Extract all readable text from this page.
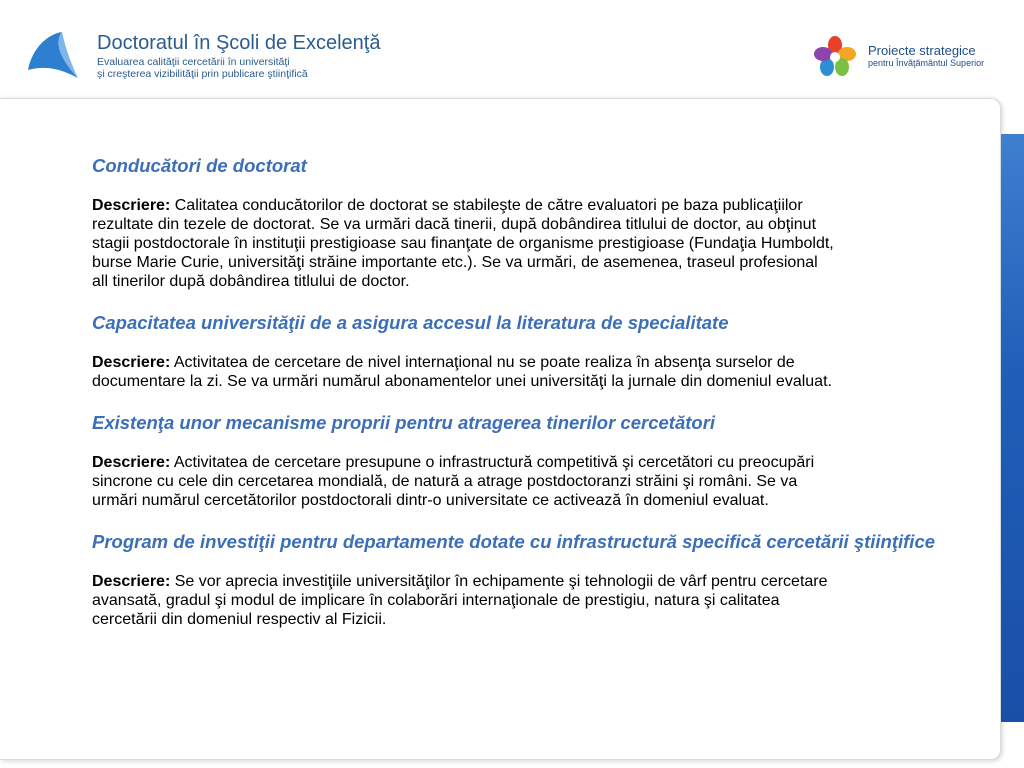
Doctoratul în Şcoli de Excelenţă
Evaluarea calităţii cercetării în universităţi
şi creşterea vizibilităţii prin publicare ştiinţifică
Proiecte strategice
pentru Învăţământul Superior
Conducători de doctorat

Descriere: Calitatea conducătorilor de doctorat se stabileşte de către evaluatori pe baza publicaţiilor
rezultate din tezele de doctorat. Se va urmări dacă tinerii, după dobândirea titlului de doctor, au obţinut
stagii postdoctorale în instituţii prestigioase sau finanţate de organisme prestigioase (Fundaţia Humboldt,
burse Marie Curie, universităţi străine importante etc.). Se va urmări, de asemenea, traseul profesional
all tinerilor după dobândirea titlului de doctor.

Capacitatea universităţii de a asigura accesul la literatura de specialitate

Descriere: Activitatea de cercetare de nivel internaţional nu se poate realiza în absenţa surselor de
documentare la zi. Se va urmări numărul abonamentelor unei universităţi la jurnale din domeniul evaluat.

Existenţa unor mecanisme proprii pentru atragerea tinerilor cercetători

Descriere: Activitatea de cercetare presupune o infrastructură competitivă şi cercetători cu preocupări
sincrone cu cele din cercetarea mondială, de natură a atrage postdoctoranzi străini şi români. Se va
urmări numărul cercetătorilor postdoctorali dintr-o universitate ce activează în domeniul evaluat.

Program de investiţii pentru departamente dotate cu infrastructură specifică cercetării ştiinţifice

Descriere: Se vor aprecia investiţiile universităţilor în echipamente şi tehnologii de vârf pentru cercetare
avansată, gradul şi modul de implicare în colaborări internaţionale de prestigiu, natura şi calitatea
cercetării din domeniul respectiv al Fizicii.
